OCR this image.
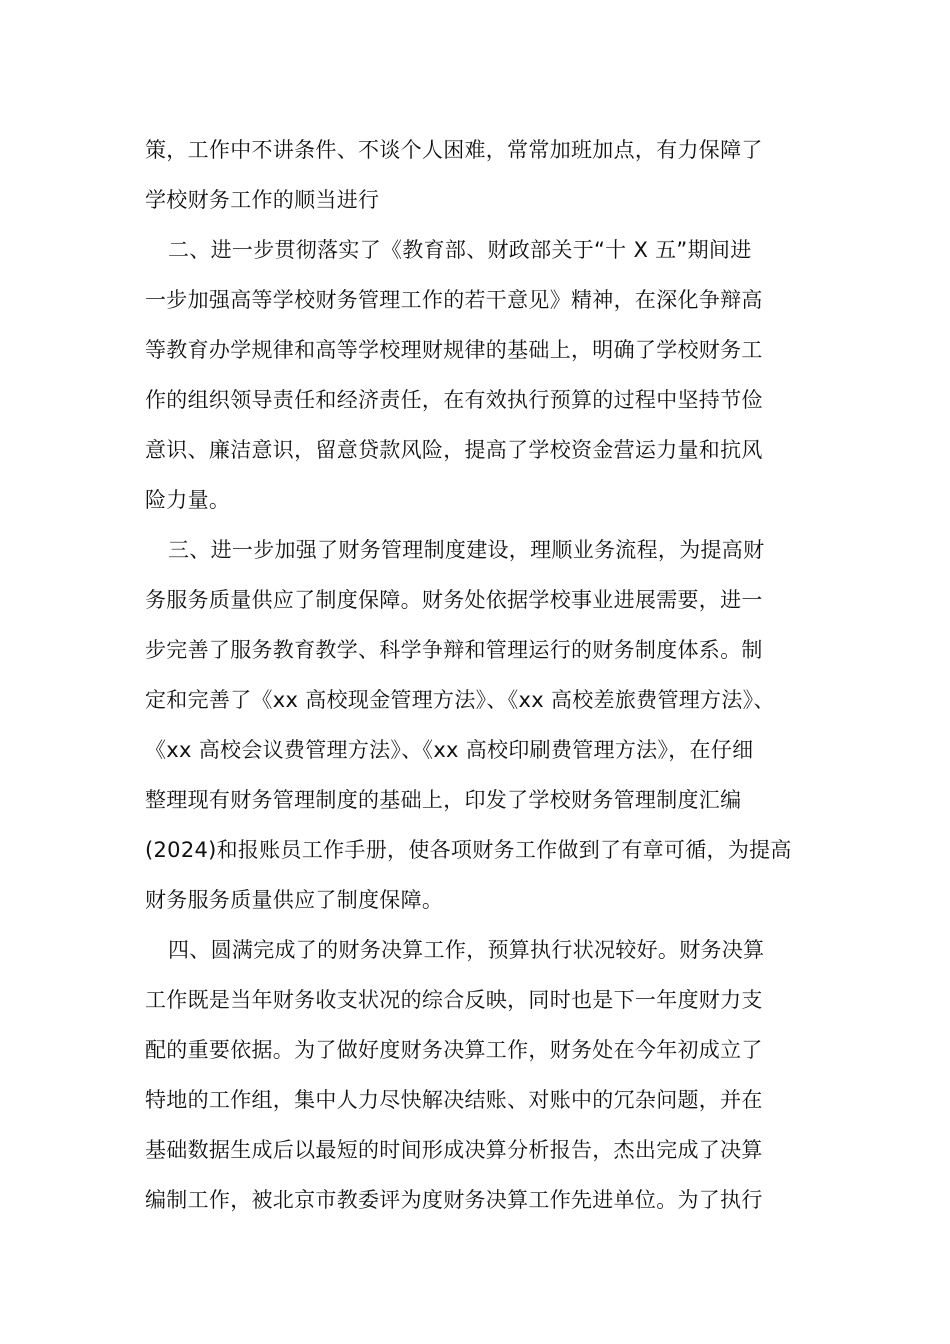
策，工作中不讲条件、不谈个人困难，常常加班加点，有力保障了
学校财务工作的顺当进行
二、进一步贯彻落实了《教育部、财政部关于“十 X 五”期间进
一步加强高等学校财务管理工作的若干意见》精神，在深化争辩高
等教育办学规律和高等学校理财规律的基础上，明确了学校财务工
作的组织领导责任和经济责任，在有效执行预算的过程中坚持节俭
意识、廉洁意识，留意贷款风险，提高了学校资金营运力量和抗风
险力量。
三、进一步加强了财务管理制度建设，理顺业务流程，为提高财
务服务质量供应了制度保障。财务处依据学校事业进展需要，进一
步完善了服务教育教学、科学争辩和管理运行的财务制度体系。制
定和完善了《xx 高校现金管理方法》、《xx 高校差旅费管理方法》、
《xx 高校会议费管理方法》、《xx 高校印刷费管理方法》，在仔细
整理现有财务管理制度的基础上，印发了学校财务管理制度汇编
(2024)和报账员工作手册，使各项财务工作做到了有章可循，为提高
财务服务质量供应了制度保障。
四、圆满完成了的财务决算工作，预算执行状况较好。财务决算
工作既是当年财务收支状况的综合反映，同时也是下一年度财力支
配的重要依据。为了做好度财务决算工作，财务处在今年初成立了
特地的工作组，集中人力尽快解决结账、对账中的冗杂问题，并在
基础数据生成后以最短的时间形成决算分析报告，杰出完成了决算
编制工作，被北京市教委评为度财务决算工作先进单位。为了执行
